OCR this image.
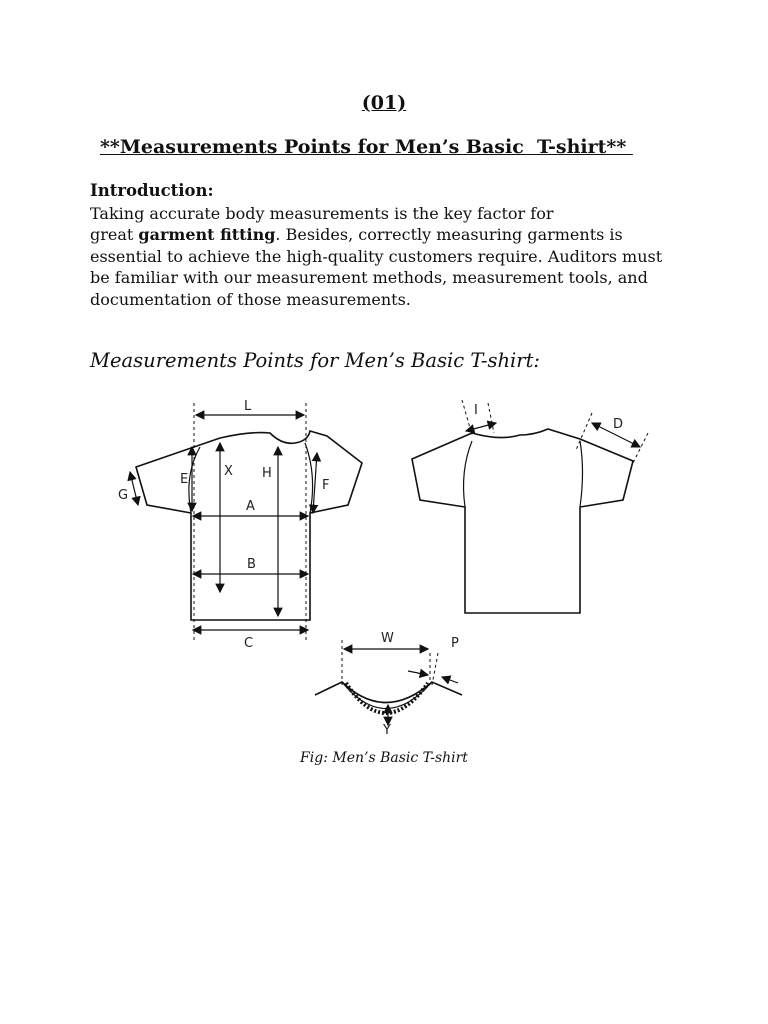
(01)
**Measurements Points for Men’s Basic  T-shirt**
Introduction:

Taking accurate body measurements is the key factor for

great garment fitting. Besides, correctly measuring garments is

essential to achieve the high-quality customers require. Auditors must

be familiar with our measurement methods, measurement tools, and

documentation of those measurements.

Measurements Points for Men’s Basic T-shirt:
L
E
X H
F
G
A
B
C
I
D
W	P
Y
Fig: Men’s Basic T-shirt
